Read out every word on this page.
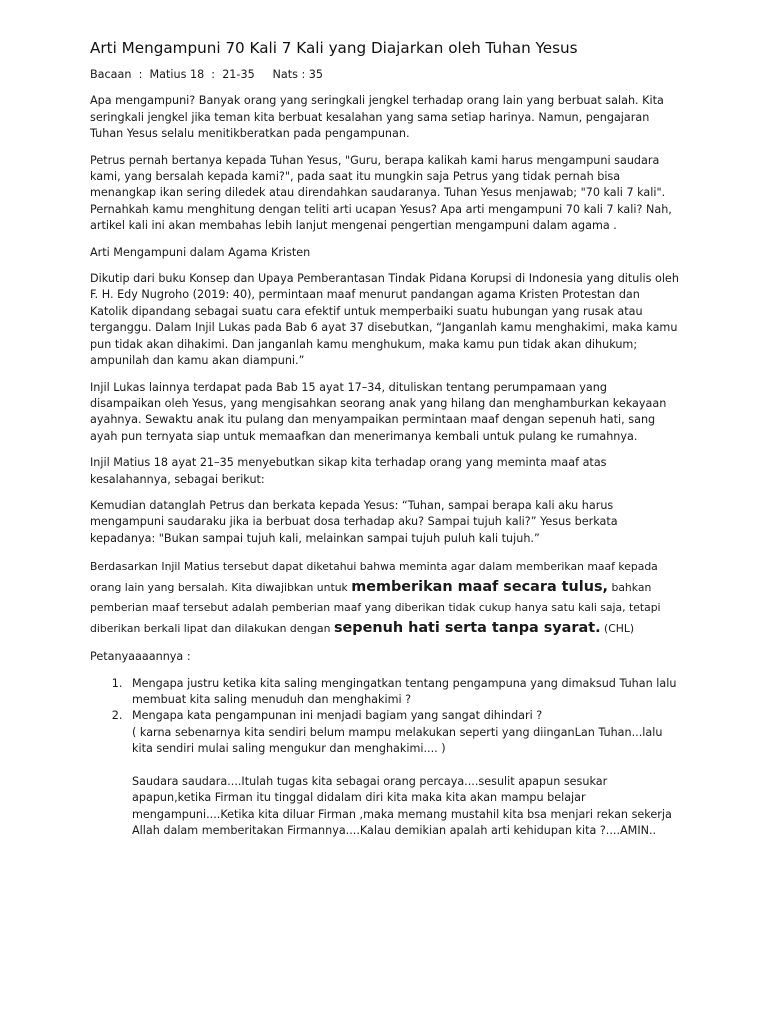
Arti Mengampuni 70 Kali 7 Kali yang Diajarkan oleh Tuhan Yesus
Bacaan  :  Matius 18  :  21-35 Nats : 35
Apa mengampuni? Banyak orang yang seringkali jengkel terhadap orang lain yang berbuat salah. Kita seringkali jengkel jika teman kita berbuat kesalahan yang sama setiap harinya. Namun, pengajaran Tuhan Yesus selalu menitikberatkan pada pengampunan.
Petrus pernah bertanya kepada Tuhan Yesus, "Guru, berapa kalikah kami harus mengampuni saudara kami, yang bersalah kepada kami?", pada saat itu mungkin saja Petrus yang tidak pernah bisa menangkap ikan sering diledek atau direndahkan saudaranya. Tuhan Yesus menjawab; "70 kali 7 kali". Pernahkah kamu menghitung dengan teliti arti ucapan Yesus? Apa arti mengampuni 70 kali 7 kali? Nah, artikel kali ini akan membahas lebih lanjut mengenai pengertian mengampuni dalam agama .
Arti Mengampuni dalam Agama Kristen
Dikutip dari buku Konsep dan Upaya Pemberantasan Tindak Pidana Korupsi di Indonesia yang ditulis oleh F. H. Edy Nugroho (2019: 40), permintaan maaf menurut pandangan agama Kristen Protestan dan Katolik dipandang sebagai suatu cara efektif untuk memperbaiki suatu hubungan yang rusak atau terganggu. Dalam Injil Lukas pada Bab 6 ayat 37 disebutkan, “Janganlah kamu menghakimi, maka kamu pun tidak akan dihakimi. Dan janganlah kamu menghukum, maka kamu pun tidak akan dihukum; ampunilah dan kamu akan diampuni.”
Injil Lukas lainnya terdapat pada Bab 15 ayat 17–34, dituliskan tentang perumpamaan yang disampaikan oleh Yesus, yang mengisahkan seorang anak yang hilang dan menghamburkan kekayaan ayahnya. Sewaktu anak itu pulang dan menyampaikan permintaan maaf dengan sepenuh hati, sang ayah pun ternyata siap untuk memaafkan dan menerimanya kembali untuk pulang ke rumahnya.
Injil Matius 18 ayat 21–35 menyebutkan sikap kita terhadap orang yang meminta maaf atas kesalahannya, sebagai berikut:
Kemudian datanglah Petrus dan berkata kepada Yesus: “Tuhan, sampai berapa kali aku harus mengampuni saudaraku jika ia berbuat dosa terhadap aku? Sampai tujuh kali?” Yesus berkata kepadanya: "Bukan sampai tujuh kali, melainkan sampai tujuh puluh kali tujuh.”
Berdasarkan Injil Matius tersebut dapat diketahui bahwa meminta agar dalam memberikan maaf kepada orang lain yang bersalah. Kita diwajibkan untuk memberikan maaf secara tulus, bahkan pemberian maaf tersebut adalah pemberian maaf yang diberikan tidak cukup hanya satu kali saja, tetapi diberikan berkali lipat dan dilakukan dengan sepenuh hati serta tanpa syarat. (CHL)
Petanyaaaannya :
1. Mengapa justru ketika kita saling mengingatkan tentang pengampuna yang dimaksud Tuhan lalu membuat kita saling menuduh dan menghakimi ?
2. Mengapa kata pengampunan ini menjadi bagiam yang sangat dihindari ?
( karna sebenarnya kita sendiri belum mampu melakukan seperti yang diinganLan Tuhan...lalu kita sendiri mulai saling mengukur dan menghakimi.... )
Saudara saudara....Itulah tugas kita sebagai orang percaya....sesulit apapun sesukar apapun,ketika Firman itu tinggal didalam diri kita maka kita akan mampu belajar mengampuni....Ketika kita diluar Firman ,maka memang mustahil kita bsa menjari rekan sekerja Allah dalam memberitakan Firmannya....Kalau demikian apalah arti kehidupan kita ?....AMIN..
